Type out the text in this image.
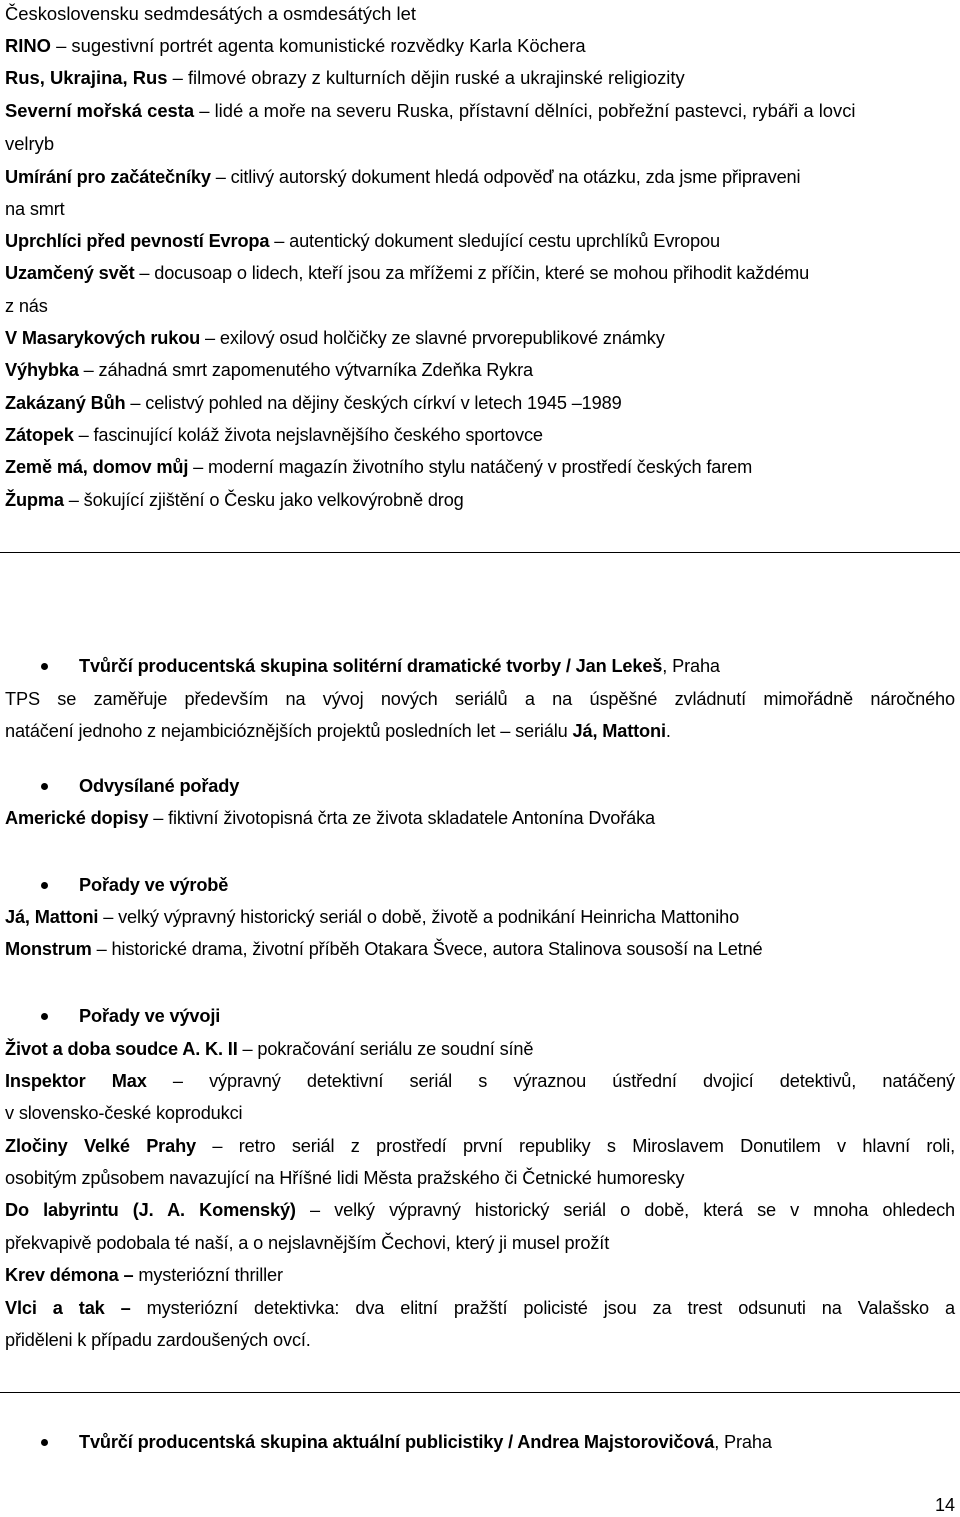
Československu sedmdesátých a osmdesátých let
RINO – sugestivní portrét agenta komunistické rozvědky Karla Köchera
Rus, Ukrajina, Rus – filmové obrazy z kulturních dějin ruské a ukrajinské religiozity
Severní mořská cesta – lidé a moře na severu Ruska, přístavní dělníci, pobřežní pastevci, rybáři a lovci
velryb
Umírání pro začátečníky – citlivý autorský dokument hledá odpověď na otázku, zda jsme připraveni
na smrt
Uprchlíci před pevností Evropa – autentický dokument sledující cestu uprchlíků Evropou
Uzamčený svět – docusoap o lidech, kteří jsou za mřížemi z příčin, které se mohou přihodit každému
z nás
V Masarykových rukou – exilový osud holčičky ze slavné prvorepublikové známky
Výhybka – záhadná smrt zapomenutého výtvarníka Zdeňka Rykra
Zakázaný Bůh – celistvý pohled na dějiny českých církví v letech 1945 –1989
Zátopek – fascinující koláž života nejslavnějšího českého sportovce
Země má, domov můj – moderní magazín životního stylu natáčený v prostředí českých farem
Župma – šokující zjištění o Česku jako velkovýrobně drog
Tvůrčí producentská skupina solitérní dramatické tvorby / Jan Lekeš, Praha
TPS se zaměřuje především na vývoj nových seriálů a na úspěšné zvládnutí mimořádně náročného
natáčení jednoho z nejambicióznějších projektů posledních let – seriálu Já, Mattoni.
Odvysílané pořady
Americké dopisy – fiktivní životopisná črta ze života skladatele Antonína Dvořáka
Pořady ve výrobě
Já, Mattoni – velký výpravný historický seriál o době, životě a podnikání Heinricha Mattoniho
Monstrum – historické drama, životní příběh Otakara Švece, autora Stalinova sousoší na Letné
Pořady ve vývoji
Život a doba soudce A. K. II – pokračování seriálu ze soudní síně
Inspektor Max – výpravný detektivní seriál s výraznou ústřední dvojicí detektivů, natáčený
v slovensko-české koprodukci
Zločiny Velké Prahy – retro seriál z prostředí první republiky s Miroslavem Donutilem v hlavní roli,
osobitým způsobem navazující na Hříšné lidi Města pražského či Četnické humoresky
Do labyrintu (J. A. Komenský) – velký výpravný historický seriál o době, která se v mnoha ohledech
překvapivě podobala té naší, a o nejslavnějším Čechovi, který ji musel prožít
Krev démona – mysteriózní thriller
Vlci a tak – mysteriózní detektivka: dva elitní pražští policisté jsou za trest odsunuti na Valašsko a
přiděleni k případu zardoušených ovcí.
Tvůrčí producentská skupina aktuální publicistiky / Andrea Majstorovičová, Praha
14
